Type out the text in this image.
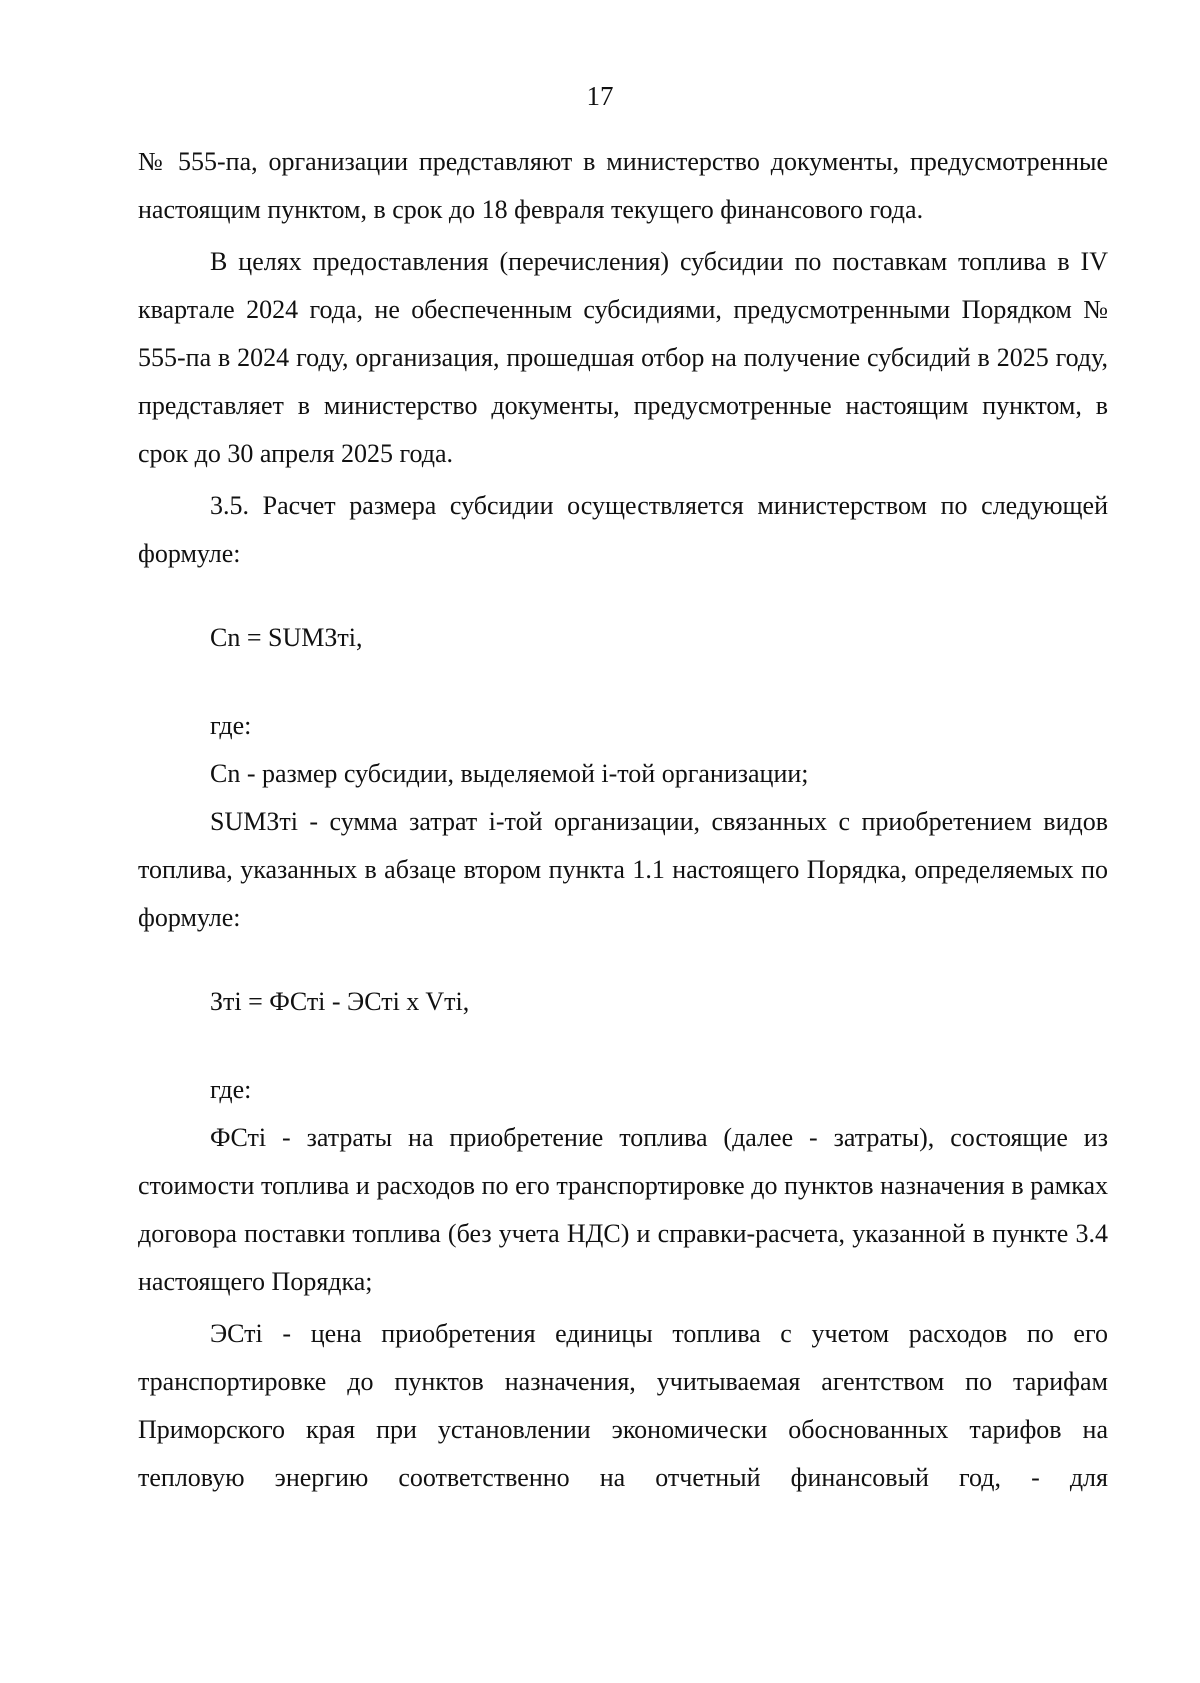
17

№ 555-па, организации представляют в министерство документы, предусмотренные настоящим пунктом, в срок до 18 февраля текущего финансового года.

В целях предоставления (перечисления) субсидии по поставкам топлива в IV квартале 2024 года, не обеспеченным субсидиями, предусмотренными Порядком № 555-па в 2024 году, организация, прошедшая отбор на получение субсидий в 2025 году, представляет в министерство документы, предусмотренные настоящим пунктом, в срок до 30 апреля 2025 года.

3.5. Расчет размера субсидии осуществляется министерством по следующей формуле:

Сn = SUMЗтi,

где:

Сn - размер субсидии, выделяемой i-той организации;

SUMЗтi - сумма затрат i-той организации, связанных с приобретением видов топлива, указанных в абзаце втором пункта 1.1 настоящего Порядка, определяемых по формуле:

Зтi = ФСтi - ЭСтi x Vтi,

где:

ФСтi - затраты на приобретение топлива (далее - затраты), состоящие из стоимости топлива и расходов по его транспортировке до пунктов назначения в рамках договора поставки топлива (без учета НДС) и справки-расчета, указанной в пункте 3.4 настоящего Порядка;

ЭСтi - цена приобретения единицы топлива с учетом расходов по его транспортировке до пунктов назначения, учитываемая агентством по тарифам Приморского края при установлении экономически обоснованных тарифов на тепловую энергию соответственно на отчетный финансовый год, - для
